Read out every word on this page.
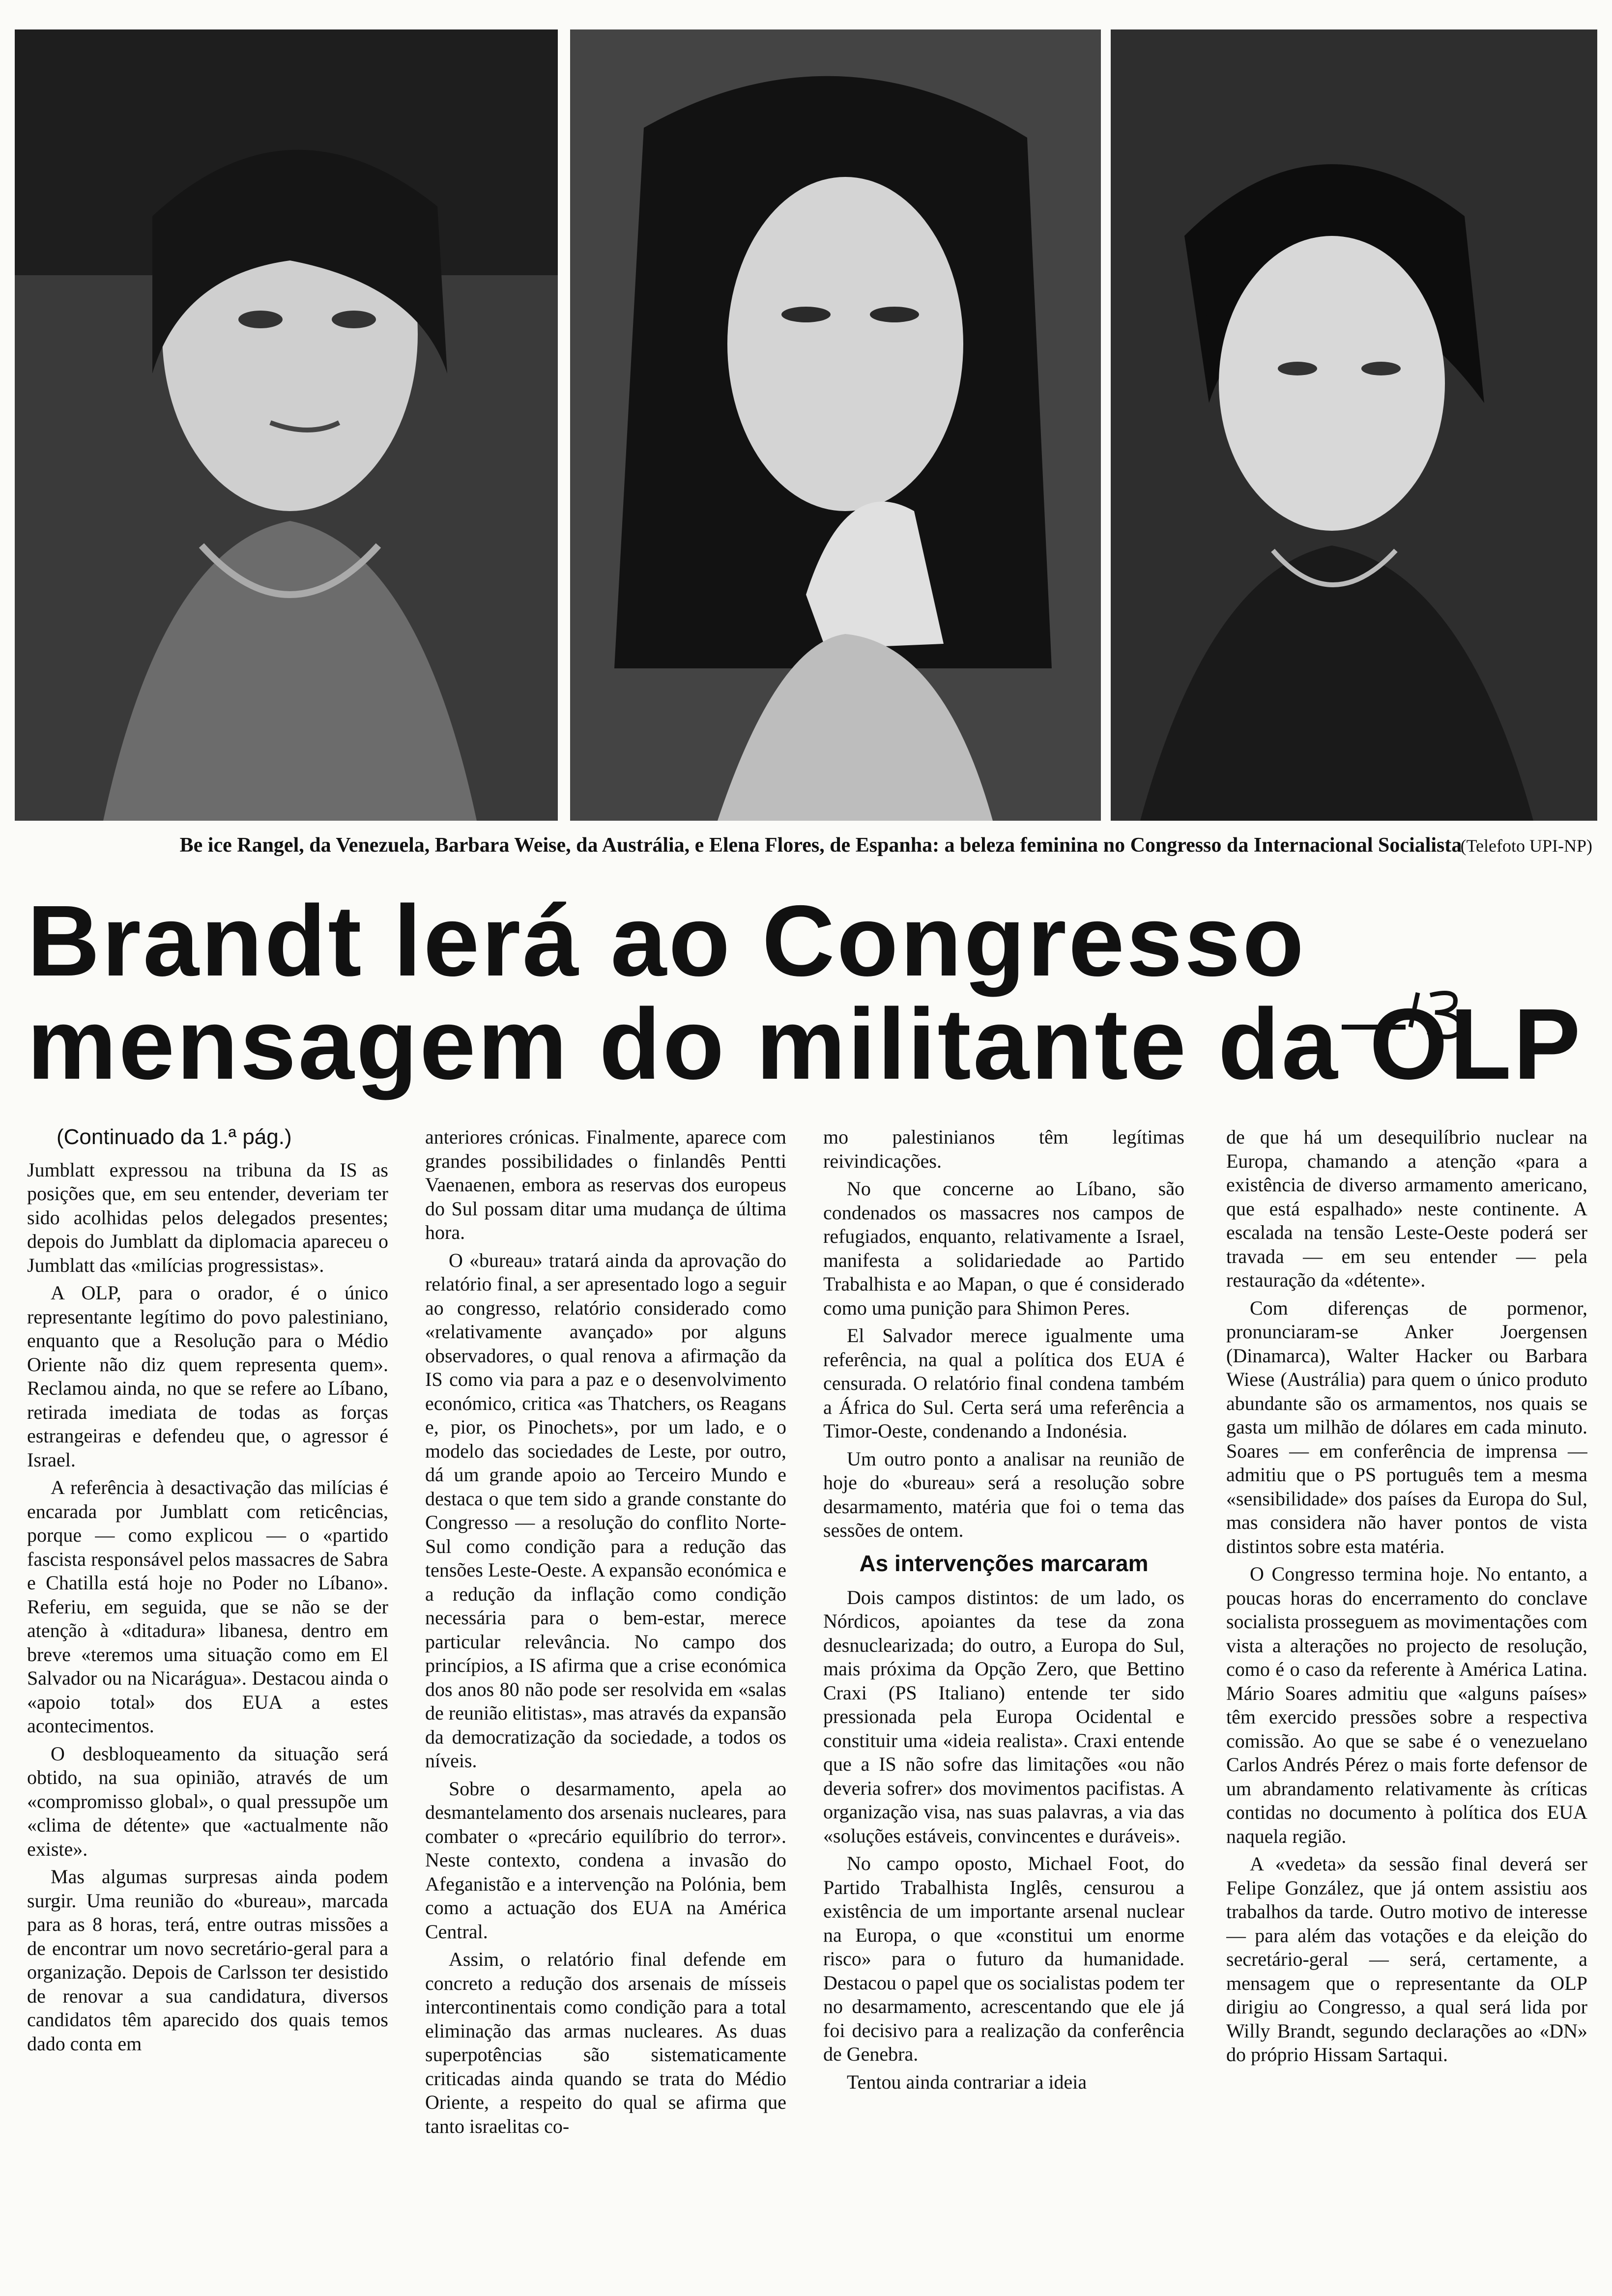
Be ice Rangel, da Venezuela, Barbara Weise, da Austrália, e Elena Flores, de Espanha: a beleza feminina no Congresso da Internacional Socialista
(Telefoto UPI-NP)
Brandt lerá ao Congresso
mensagem do militante da OLP
(Continuado da 1.ª pág.)

Jumblatt expressou na tribuna da IS as posições que, em seu entender, deveriam ter sido acolhidas pelos delegados presentes; depois do Jumblatt da diplomacia apareceu o Jumblatt das «milícias progressistas».

A OLP, para o orador, é o único representante legítimo do povo palestiniano, enquanto que a Resolução para o Médio Oriente não diz quem representa quem». Reclamou ainda, no que se refere ao Líbano, retirada imediata de todas as forças estrangeiras e defendeu que, o agressor é Israel.

A referência à desactivação das milícias é encarada por Jumblatt com reticências, porque — como explicou — o «partido fascista responsável pelos massacres de Sabra e Chatilla está hoje no Poder no Líbano». Referiu, em seguida, que se não se der atenção à «ditadura» libanesa, dentro em breve «teremos uma situação como em El Salvador ou na Nicarágua». Destacou ainda o «apoio total» dos EUA a estes acontecimentos.

O desbloqueamento da situação será obtido, na sua opinião, através de um «compromisso global», o qual pressupõe um «clima de détente» que «actualmente não existe».

Mas algumas surpresas ainda podem surgir. Uma reunião do «bureau», marcada para as 8 horas, terá, entre outras missões a de encontrar um novo secretário-geral para a organização. Depois de Carlsson ter desistido de renovar a sua candidatura, diversos candidatos têm aparecido dos quais temos dado conta em

anteriores crónicas. Finalmente, aparece com grandes possibilidades o finlandês Pentti Vaenaenen, embora as reservas dos europeus do Sul possam ditar uma mudança de última hora.

O «bureau» tratará ainda da aprovação do relatório final, a ser apresentado logo a seguir ao congresso, relatório considerado como «relativamente avançado» por alguns observadores, o qual renova a afirmação da IS como via para a paz e o desenvolvimento económico, critica «as Thatchers, os Reagans e, pior, os Pinochets», por um lado, e o modelo das sociedades de Leste, por outro, dá um grande apoio ao Terceiro Mundo e destaca o que tem sido a grande constante do Congresso — a resolução do conflito Norte-Sul como condição para a redução das tensões Leste-Oeste. A expansão económica e a redução da inflação como condição necessária para o bem-estar, merece particular relevância. No campo dos princípios, a IS afirma que a crise económica dos anos 80 não pode ser resolvida em «salas de reunião elitistas», mas através da expansão da democratização da sociedade, a todos os níveis.

Sobre o desarmamento, apela ao desmantelamento dos arsenais nucleares, para combater o «precário equilíbrio do terror». Neste contexto, condena a invasão do Afeganistão e a intervenção na Polónia, bem como a actuação dos EUA na América Central.

Assim, o relatório final defende em concreto a redução dos arsenais de mísseis intercontinentais como condição para a total eliminação das armas nucleares. As duas superpotências são sistematicamente criticadas ainda quando se trata do Médio Oriente, a respeito do qual se afirma que tanto israelitas co-

mo palestinianos têm legítimas reivindicações.

No que concerne ao Líbano, são condenados os massacres nos campos de refugiados, enquanto, relativamente a Israel, manifesta a solidariedade ao Partido Trabalhista e ao Mapan, o que é considerado como uma punição para Shimon Peres.

El Salvador merece igualmente uma referência, na qual a política dos EUA é censurada. O relatório final condena também a África do Sul. Certa será uma referência a Timor-Oeste, condenando a Indonésia.

Um outro ponto a analisar na reunião de hoje do «bureau» será a resolução sobre desarmamento, matéria que foi o tema das sessões de ontem.

As intervenções marcaram

Dois campos distintos: de um lado, os Nórdicos, apoiantes da tese da zona desnuclearizada; do outro, a Europa do Sul, mais próxima da Opção Zero, que Bettino Craxi (PS Italiano) entende ter sido pressionada pela Europa Ocidental e constituir uma «ideia realista». Craxi entende que a IS não sofre das limitações «ou não deveria sofrer» dos movimentos pacifistas. A organização visa, nas suas palavras, a via das «soluções estáveis, convincentes e duráveis».

No campo oposto, Michael Foot, do Partido Trabalhista Inglês, censurou a existência de um importante arsenal nuclear na Europa, o que «constitui um enorme risco» para o futuro da humanidade. Destacou o papel que os socialistas podem ter no desarmamento, acrescentando que ele já foi decisivo para a realização da conferência de Genebra.

Tentou ainda contrariar a ideia

de que há um desequilíbrio nuclear na Europa, chamando a atenção «para a existência de diverso armamento americano, que está espalhado» neste continente. A escalada na tensão Leste-Oeste poderá ser travada — em seu entender — pela restauração da «détente».

Com diferenças de pormenor, pronunciaram-se Anker Joergensen (Dinamarca), Walter Hacker ou Barbara Wiese (Austrália) para quem o único produto abundante são os armamentos, nos quais se gasta um milhão de dólares em cada minuto. Soares — em conferência de imprensa — admitiu que o PS português tem a mesma «sensibilidade» dos países da Europa do Sul, mas considera não haver pontos de vista distintos sobre esta matéria.

O Congresso termina hoje. No entanto, a poucas horas do encerramento do conclave socialista prosseguem as movimentações com vista a alterações no projecto de resolução, como é o caso da referente à América Latina. Mário Soares admitiu que «alguns países» têm exercido pressões sobre a respectiva comissão. Ao que se sabe é o venezuelano Carlos Andrés Pérez o mais forte defensor de um abrandamento relativamente às críticas contidas no documento à política dos EUA naquela região.

A «vedeta» da sessão final deverá ser Felipe González, que já ontem assistiu aos trabalhos da tarde. Outro motivo de interesse — para além das votações e da eleição do secretário-geral — será, certamente, a mensagem que o representante da OLP dirigiu ao Congresso, a qual será lida por Willy Brandt, segundo declarações ao «DN» do próprio Hissam Sartaqui.
